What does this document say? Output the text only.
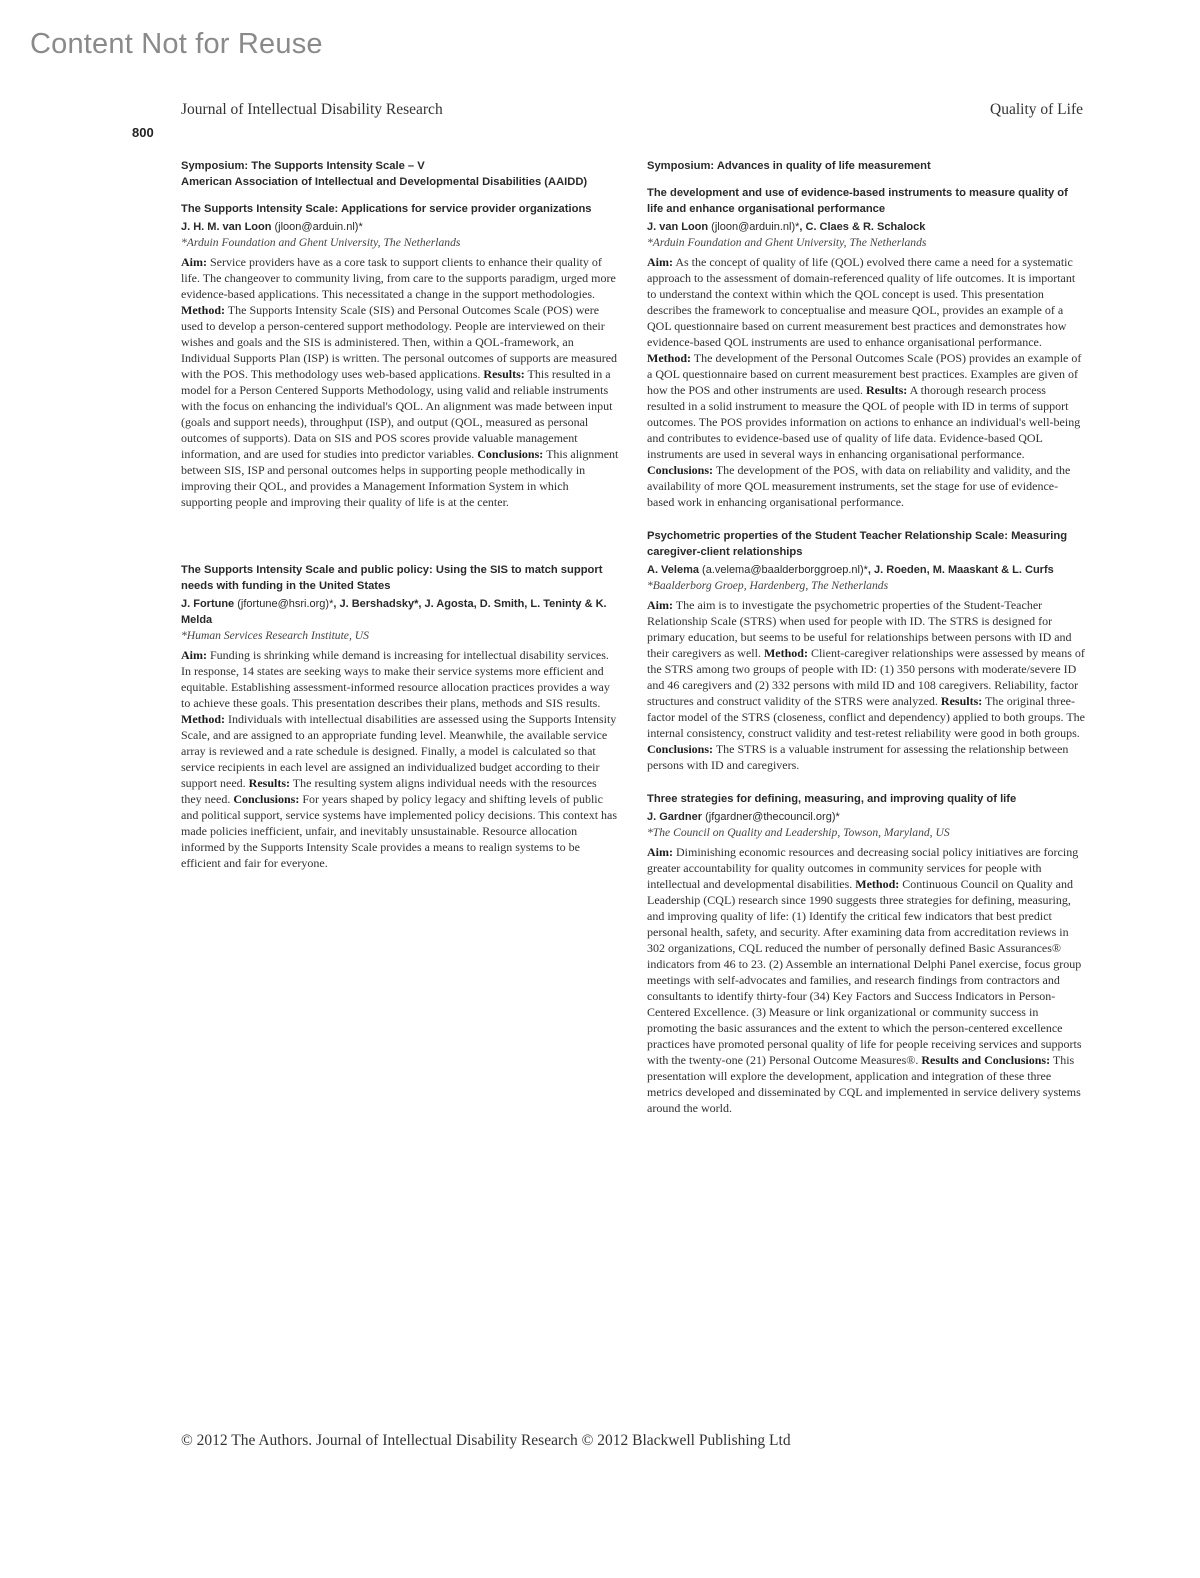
Content Not for Reuse
Journal of Intellectual Disability Research	Quality of Life
800
Symposium: The Supports Intensity Scale – V
American Association of Intellectual and Developmental Disabilities (AAIDD)
The Supports Intensity Scale: Applications for service provider organizations
J. H. M. van Loon (jloon@arduin.nl)*
*Arduin Foundation and Ghent University, The Netherlands
Aim: Service providers have as a core task to support clients to enhance their quality of life. The changeover to community living, from care to the supports paradigm, urged more evidence-based applications. This necessitated a change in the support methodologies. Method: The Supports Intensity Scale (SIS) and Personal Outcomes Scale (POS) were used to develop a person-centered support methodology. People are interviewed on their wishes and goals and the SIS is administered. Then, within a QOL-framework, an Individual Supports Plan (ISP) is written. The personal outcomes of supports are measured with the POS. This methodology uses web-based applications. Results: This resulted in a model for a Person Centered Supports Methodology, using valid and reliable instruments with the focus on enhancing the individual's QOL. An alignment was made between input (goals and support needs), throughput (ISP), and output (QOL, measured as personal outcomes of supports). Data on SIS and POS scores provide valuable management information, and are used for studies into predictor variables. Conclusions: This alignment between SIS, ISP and personal outcomes helps in supporting people methodically in improving their QOL, and provides a Management Information System in which supporting people and improving their quality of life is at the center.
The Supports Intensity Scale and public policy: Using the SIS to match support needs with funding in the United States
J. Fortune (jfortune@hsri.org)*, J. Bershadsky*, J. Agosta, D. Smith, L. Teninty & K. Melda
*Human Services Research Institute, US
Aim: Funding is shrinking while demand is increasing for intellectual disability services. In response, 14 states are seeking ways to make their service systems more efficient and equitable. Establishing assessment-informed resource allocation practices provides a way to achieve these goals. This presentation describes their plans, methods and SIS results. Method: Individuals with intellectual disabilities are assessed using the Supports Intensity Scale, and are assigned to an appropriate funding level. Meanwhile, the available service array is reviewed and a rate schedule is designed. Finally, a model is calculated so that service recipients in each level are assigned an individualized budget according to their support need. Results: The resulting system aligns individual needs with the resources they need. Conclusions: For years shaped by policy legacy and shifting levels of public and political support, service systems have implemented policy decisions. This context has made policies inefficient, unfair, and inevitably unsustainable. Resource allocation informed by the Supports Intensity Scale provides a means to realign systems to be efficient and fair for everyone.
Symposium: Advances in quality of life measurement
The development and use of evidence-based instruments to measure quality of life and enhance organisational performance
J. van Loon (jloon@arduin.nl)*, C. Claes & R. Schalock
*Arduin Foundation and Ghent University, The Netherlands
Aim: As the concept of quality of life (QOL) evolved there came a need for a systematic approach to the assessment of domain-referenced quality of life outcomes. It is important to understand the context within which the QOL concept is used. This presentation describes the framework to conceptualise and measure QOL, provides an example of a QOL questionnaire based on current measurement best practices and demonstrates how evidence-based QOL instruments are used to enhance organisational performance. Method: The development of the Personal Outcomes Scale (POS) provides an example of a QOL questionnaire based on current measurement best practices. Examples are given of how the POS and other instruments are used. Results: A thorough research process resulted in a solid instrument to measure the QOL of people with ID in terms of support outcomes. The POS provides information on actions to enhance an individual's well-being and contributes to evidence-based use of quality of life data. Evidence-based QOL instruments are used in several ways in enhancing organisational performance. Conclusions: The development of the POS, with data on reliability and validity, and the availability of more QOL measurement instruments, set the stage for use of evidence-based work in enhancing organisational performance.
Psychometric properties of the Student Teacher Relationship Scale: Measuring caregiver-client relationships
A. Velema (a.velema@baalderborggroep.nl)*, J. Roeden, M. Maaskant & L. Curfs
*Baalderborg Groep, Hardenberg, The Netherlands
Aim: The aim is to investigate the psychometric properties of the Student-Teacher Relationship Scale (STRS) when used for people with ID. The STRS is designed for primary education, but seems to be useful for relationships between persons with ID and their caregivers as well. Method: Client-caregiver relationships were assessed by means of the STRS among two groups of people with ID: (1) 350 persons with moderate/severe ID and 46 caregivers and (2) 332 persons with mild ID and 108 caregivers. Reliability, factor structures and construct validity of the STRS were analyzed. Results: The original three-factor model of the STRS (closeness, conflict and dependency) applied to both groups. The internal consistency, construct validity and test-retest reliability were good in both groups. Conclusions: The STRS is a valuable instrument for assessing the relationship between persons with ID and caregivers.
Three strategies for defining, measuring, and improving quality of life
J. Gardner (jfgardner@thecouncil.org)*
*The Council on Quality and Leadership, Towson, Maryland, US
Aim: Diminishing economic resources and decreasing social policy initiatives are forcing greater accountability for quality outcomes in community services for people with intellectual and developmental disabilities. Method: Continuous Council on Quality and Leadership (CQL) research since 1990 suggests three strategies for defining, measuring, and improving quality of life: (1) Identify the critical few indicators that best predict personal health, safety, and security. After examining data from accreditation reviews in 302 organizations, CQL reduced the number of personally defined Basic Assurances® indicators from 46 to 23. (2) Assemble an international Delphi Panel exercise, focus group meetings with self-advocates and families, and research findings from contractors and consultants to identify thirty-four (34) Key Factors and Success Indicators in Person-Centered Excellence. (3) Measure or link organizational or community success in promoting the basic assurances and the extent to which the person-centered excellence practices have promoted personal quality of life for people receiving services and supports with the twenty-one (21) Personal Outcome Measures®. Results and Conclusions: This presentation will explore the development, application and integration of these three metrics developed and disseminated by CQL and implemented in service delivery systems around the world.
© 2012 The Authors. Journal of Intellectual Disability Research © 2012 Blackwell Publishing Ltd
